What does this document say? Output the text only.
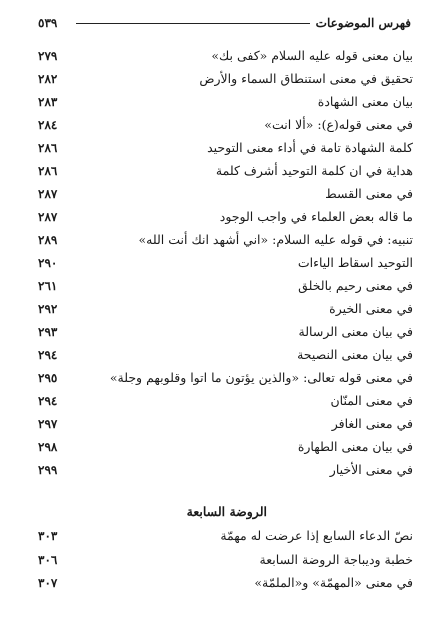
فهرس الموضوعات
٥٣٩
بيان معنى قوله عليه السلام «كفى بك»
٢٧٩
تحقيق في معنى استنطاق السماء والأرض
٢٨٢
بيان معنى الشهادة
٢٨٣
في معنى قوله(ع): «ألا انت»
٢٨٤
كلمة الشهادة تامة في أداء معنى التوحيد
٢٨٦
هداية في ان كلمة التوحيد أشرف كلمة
٢٨٦
في معنى القسط
٢٨٧
ما قاله بعض العلماء في واجب الوجود
٢٨٧
تنبيه: في قوله عليه السلام: «اني أشهد انك أنت الله»
٢٨٩
التوحيد اسقاط الياءات
٢٩٠
في معنى رحيم بالخلق
٢٦١
في معنى الخيرة
٢٩٢
في بيان معنى الرسالة
٢٩٣
في بيان معنى النصيحة
٢٩٤
في معنى قوله تعالى: «والذين يؤتون ما اتوا وقلوبهم وجلة»
٢٩٥
في معنى المنّان
٢٩٤
في معنى الغافر
٢٩٧
في بيان معنى الطهارة
٢٩٨
في معنى الأخيار
٢٩٩
الروضة السابعة
نصّ الدعاء السابع إذا عرضت له مهمّة
٣٠٣
خطبة وديباجة الروضة السابعة
٣٠٦
في معنى «المهمّة» و«الملمّة»
٣٠٧
